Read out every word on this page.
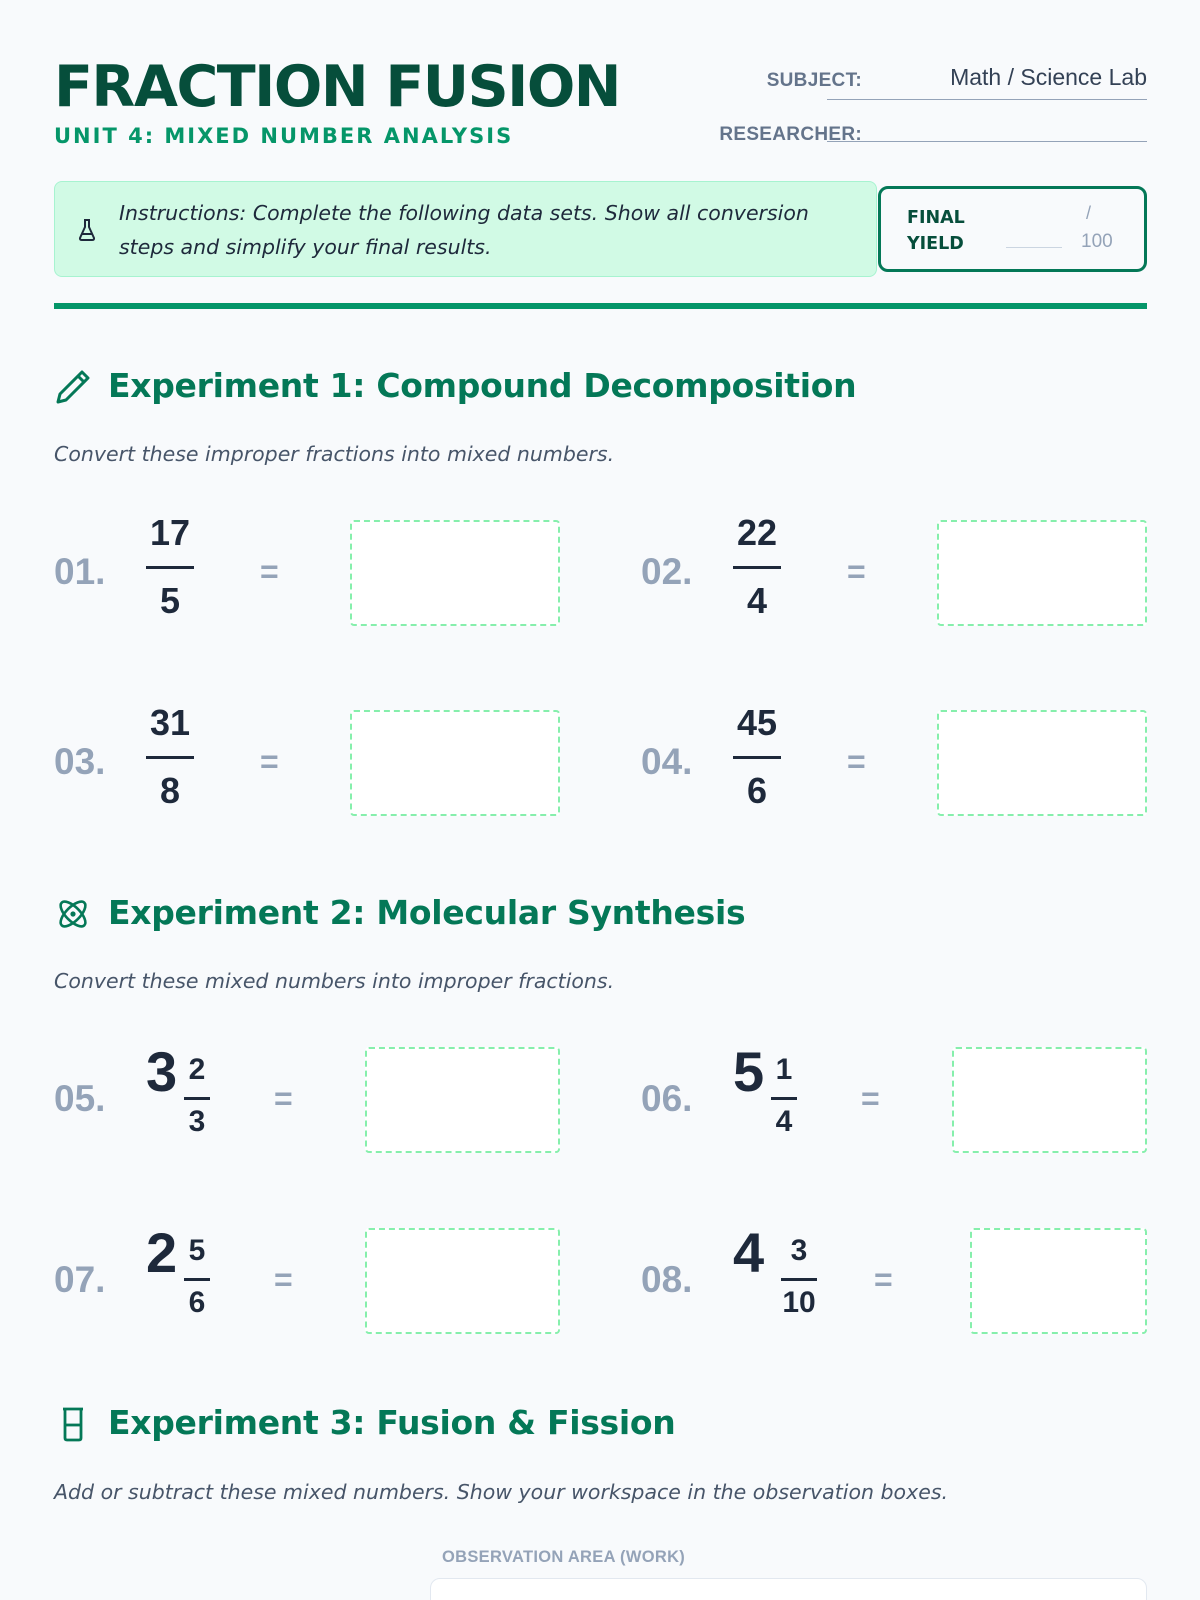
FRACTION FUSION
UNIT 4: MIXED NUMBER ANALYSIS
SUBJECT:	Math / Science Lab
RESEARCHER:
Instructions: Complete the following data sets. Show all conversion steps and simplify your final results.
FINAL
YIELD
/
100
Experiment 1: Compound Decomposition
Convert these improper fractions into mixed numbers.
01.
17
5
=	02.
22
4
=
03.
31
8
=	04.
45
6
=
Experiment 2: Molecular Synthesis
Convert these mixed numbers into improper fractions.
05. 3 2
3
=	06. 5 1
4
=
07. 2 5
6
=	08. 4 3
10
=
Experiment 3: Fusion & Fission
Add or subtract these mixed numbers. Show your workspace in the observation boxes.
OBSERVATION AREA (WORK)
